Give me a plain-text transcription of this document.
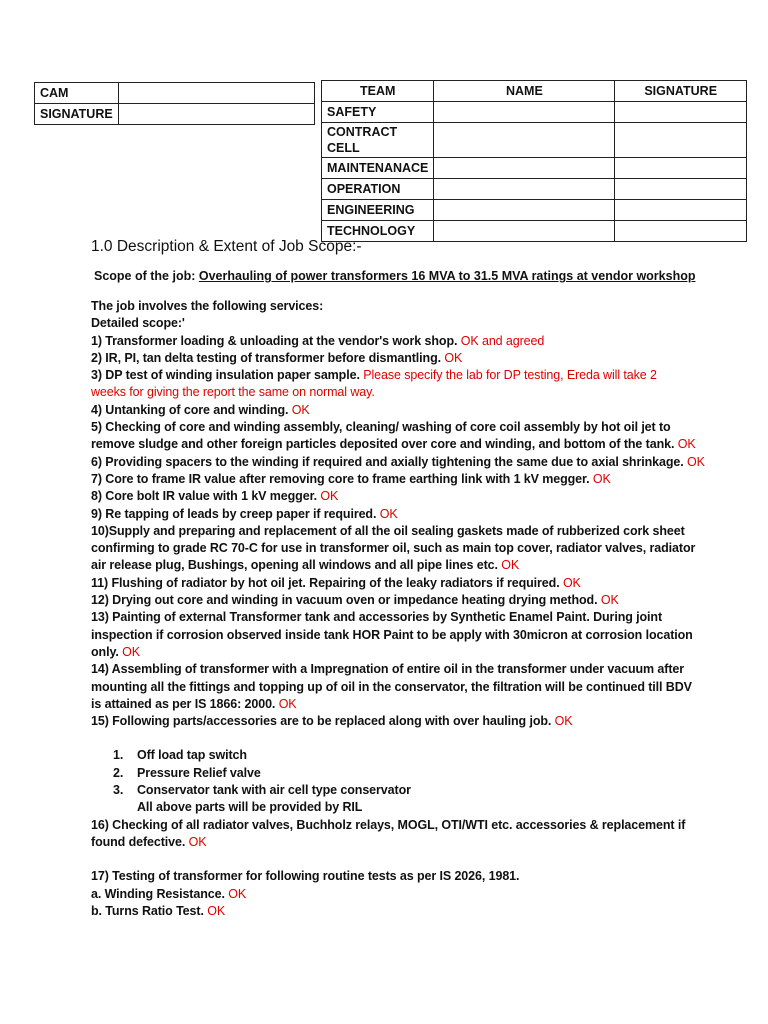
CAM	
SIGNATURE	
TEAM	NAME	SIGNATURE
SAFETY		
CONTRACT CELL		
MAINTENANACE		
OPERATION		
ENGINEERING		
TECHNOLOGY		
1.0 Description & Extent of Job Scope:-
Scope of the job: Overhauling of power transformers 16 MVA to 31.5 MVA ratings at vendor workshop
The job involves the following services:
Detailed scope:'
1) Transformer loading & unloading at the vendor's work shop. OK and agreed
2) IR, PI, tan delta testing of transformer before dismantling. OK
3) DP test of winding insulation paper sample. Please specify the lab for DP testing, Ereda will take 2
weeks for giving the report the same on normal way.
4) Untanking of core and winding. OK
5) Checking of core and winding assembly, cleaning/ washing of core coil assembly by hot oil jet to
remove sludge and other foreign particles deposited over core and winding, and bottom of the tank. OK
6) Providing spacers to the winding if required and axially tightening the same due to axial shrinkage. OK
7) Core to frame IR value after removing core to frame earthing link with 1 kV megger. OK
8) Core bolt IR value with 1 kV megger. OK
9) Re tapping of leads by creep paper if required. OK
10)Supply and preparing and replacement of all the oil sealing gaskets made of rubberized cork sheet
confirming to grade RC 70-C for use in transformer oil, such as main top cover, radiator valves, radiator
air release plug, Bushings, opening all windows and all pipe lines etc. OK
11) Flushing of radiator by hot oil jet. Repairing of the leaky radiators if required. OK
12) Drying out core and winding in vacuum oven or impedance heating drying method. OK
13) Painting of external Transformer tank and accessories by Synthetic Enamel Paint. During joint
inspection if corrosion observed inside tank HOR Paint to be apply with 30micron at corrosion location
only. OK
14) Assembling of transformer with a Impregnation of entire oil in the transformer under vacuum after
mounting all the fittings and topping up of oil in the conservator, the filtration will be continued till BDV
is attained as per IS 1866: 2000. OK
15) Following parts/accessories are to be replaced along with over hauling job. OK
1. Off load tap switch
2. Pressure Relief valve
3. Conservator tank with air cell type conservator
All above parts will be provided by RIL
16) Checking of all radiator valves, Buchholz relays, MOGL, OTI/WTI etc. accessories & replacement if
found defective. OK
17) Testing of transformer for following routine tests as per IS 2026, 1981.
a. Winding Resistance. OK
b. Turns Ratio Test. OK
